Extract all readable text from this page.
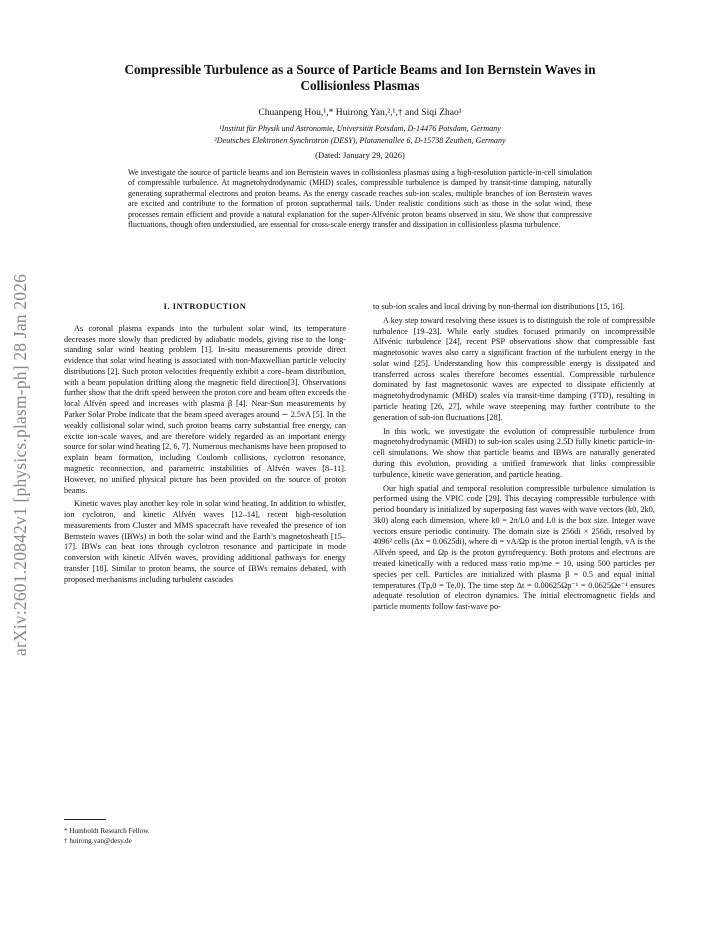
arXiv:2601.20842v1 [physics.plasm-ph] 28 Jan 2026
Compressible Turbulence as a Source of Particle Beams and Ion Bernstein Waves in
Collisionless Plasmas
Chuanpeng Hou,¹,* Huirong Yan,²,¹,† and Siqi Zhao¹
¹Institut für Physik und Astronomie, Universität Potsdam, D-14476 Potsdam, Germany
²Deutsches Elektronen Synchrotron (DESY), Platanenallee 6, D-15738 Zeuthen, Germany
(Dated: January 29, 2026)
We investigate the source of particle beams and ion Bernstein waves in collisionless plasmas using a high-resolution particle-in-cell simulation of compressible turbulence. At magnetohydrodynamic (MHD) scales, compressible turbulence is damped by transit-time damping, naturally generating suprathermal electrons and proton beams. As the energy cascade reaches sub-ion scales, multiple branches of ion Bernstein waves are excited and contribute to the formation of proton suprathermal tails. Under realistic conditions such as those in the solar wind, these processes remain efficient and provide a natural explanation for the super-Alfvénic proton beams observed in situ. We show that compressive fluctuations, though often understudied, are essential for cross-scale energy transfer and dissipation in collisionless plasma turbulence.
I. INTRODUCTION

As coronal plasma expands into the turbulent solar wind, its temperature decreases more slowly than predicted by adiabatic models, giving rise to the long-standing solar wind heating problem [1]. In-situ measurements provide direct evidence that solar wind heating is associated with non-Maxwellian particle velocity distributions [2]. Such proton velocities frequently exhibit a core–beam distribution, with a beam population drifting along the magnetic field direction[3]. Observations further show that the drift speed between the proton core and beam often exceeds the local Alfvén speed and increases with plasma β [4]. Near-Sun measurements by Parker Solar Probe indicate that the beam speed averages around ∼ 2.5vA [5]. In the weakly collisional solar wind, such proton beams carry substantial free energy, can excite ion-scale waves, and are therefore widely regarded as an important energy source for solar wind heating [2, 6, 7]. Numerous mechanisms have been proposed to explain beam formation, including Coulomb collisions, cyclotron resonance, magnetic reconnection, and parametric instabilities of Alfvén waves [8–11]. However, no unified physical picture has been provided on the source of proton beams.

Kinetic waves play another key role in solar wind heating. In addition to whistler, ion cyclotron, and kinetic Alfvén waves [12–14], recent high-resolution measurements from Cluster and MMS spacecraft have revealed the presence of ion Bernstein waves (IBWs) in both the solar wind and the Earth’s magnetosheath [15–17]. IBWs can heat ions through cyclotron resonance and participate in mode conversion with kinetic Alfvén waves, providing additional pathways for energy transfer [18]. Similar to proton beams, the source of IBWs remains debated, with proposed mechanisms including turbulent cascades

to sub-ion scales and local driving by non-thermal ion distributions [15, 16].

A key step toward resolving these issues is to distinguish the role of compressible turbulence [19–23]. While early studies focused primarily on incompressible Alfvénic turbulence [24], recent PSP observations show that compressible fast magnetosonic waves also carry a significant fraction of the turbulent energy in the solar wind [25]. Understanding how this compressible energy is dissipated and transferred across scales therefore becomes essential. Compressible turbulence dominated by fast magnetosonic waves are expected to dissipate efficiently at magnetohydrodynamic (MHD) scales via transit-time damping (TTD), resulting in particle heating [26, 27], while wave steepening may further contribute to the generation of sub-ion fluctuations [28].

In this work, we investigate the evolution of compressible turbulence from magnetohydrodynamic (MHD) to sub-ion scales using 2.5D fully kinetic particle-in-cell simulations. We show that particle beams and IBWs are naturally generated during this evolution, providing a unified framework that links compressible turbulence, kinetic wave generation, and particle heating.

Our high spatial and temporal resolution compressible turbulence simulation is performed using the VPIC code [29]. This decaying compressible turbulence with period boundary is initialized by superposing fast waves with wave vectors (k0, 2k0, 3k0) along each dimension, where k0 = 2π/L0 and L0 is the box size. Integer wave vectors ensure periodic continuity. The domain size is 256di × 256di, resolved by 4096² cells (Δx = 0.0625di), where di = vA/Ωp is the proton inertial length, vA is the Alfvén speed, and Ωp is the proton gyrofrequency. Both protons and electrons are treated kinetically with a reduced mass ratio mp/me = 10, using 500 particles per species per cell. Particles are initialized with plasma β = 0.5 and equal initial temperatures (Tp,0 = Te,0). The time step Δt = 0.00625Ωp⁻¹ = 0.0625Ωe⁻¹ ensures adequate resolution of electron dynamics. The initial electromagnetic fields and particle moments follow fast-wave po-

* Humboldt Research Fellow.
† huirong.yan@desy.de
